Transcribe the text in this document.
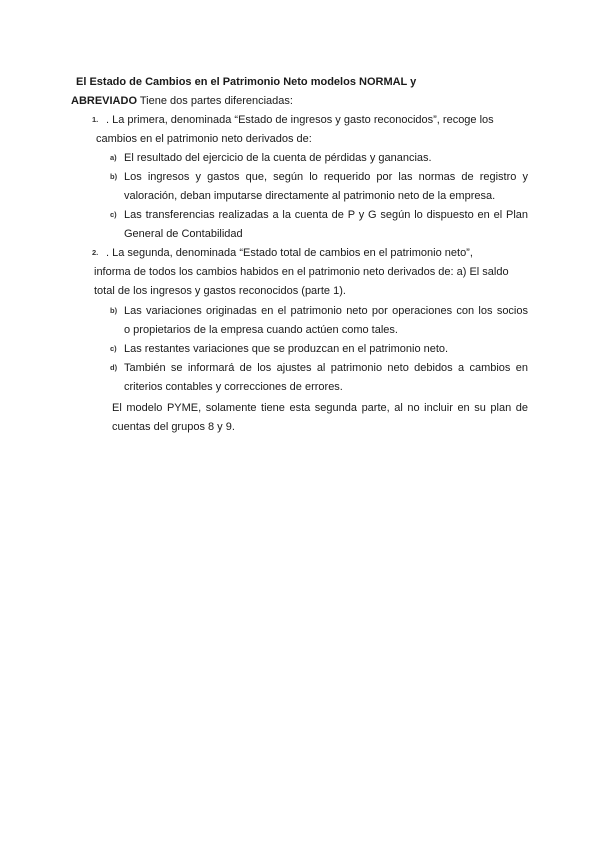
El Estado de Cambios en el Patrimonio Neto modelos NORMAL y
ABREVIADO Tiene dos partes diferenciadas:
1. . La primera, denominada “Estado de ingresos y gasto reconocidos”, recoge los
cambios en el patrimonio neto derivados de:
a) El resultado del ejercicio de la cuenta de pérdidas y ganancias.
b) Los ingresos y gastos que, según lo requerido por las normas de registro y
valoración, deban imputarse directamente al patrimonio neto de la empresa.
c) Las transferencias realizadas a la cuenta de P y G según lo dispuesto en el Plan
General de Contabilidad
2. . La segunda, denominada “Estado total de cambios en el patrimonio neto”,
informa de todos los cambios habidos en el patrimonio neto derivados de: a) El saldo
total de los ingresos y gastos reconocidos (parte 1).
b) Las variaciones originadas en el patrimonio neto por operaciones con los socios
o propietarios de la empresa cuando actúen como tales.
c) Las restantes variaciones que se produzcan en el patrimonio neto.
d) También se informará de los ajustes al patrimonio neto debidos a cambios en
criterios contables y correcciones de errores.
El modelo PYME, solamente tiene esta segunda parte, al no incluir en su plan de
cuentas del grupos 8 y 9.
